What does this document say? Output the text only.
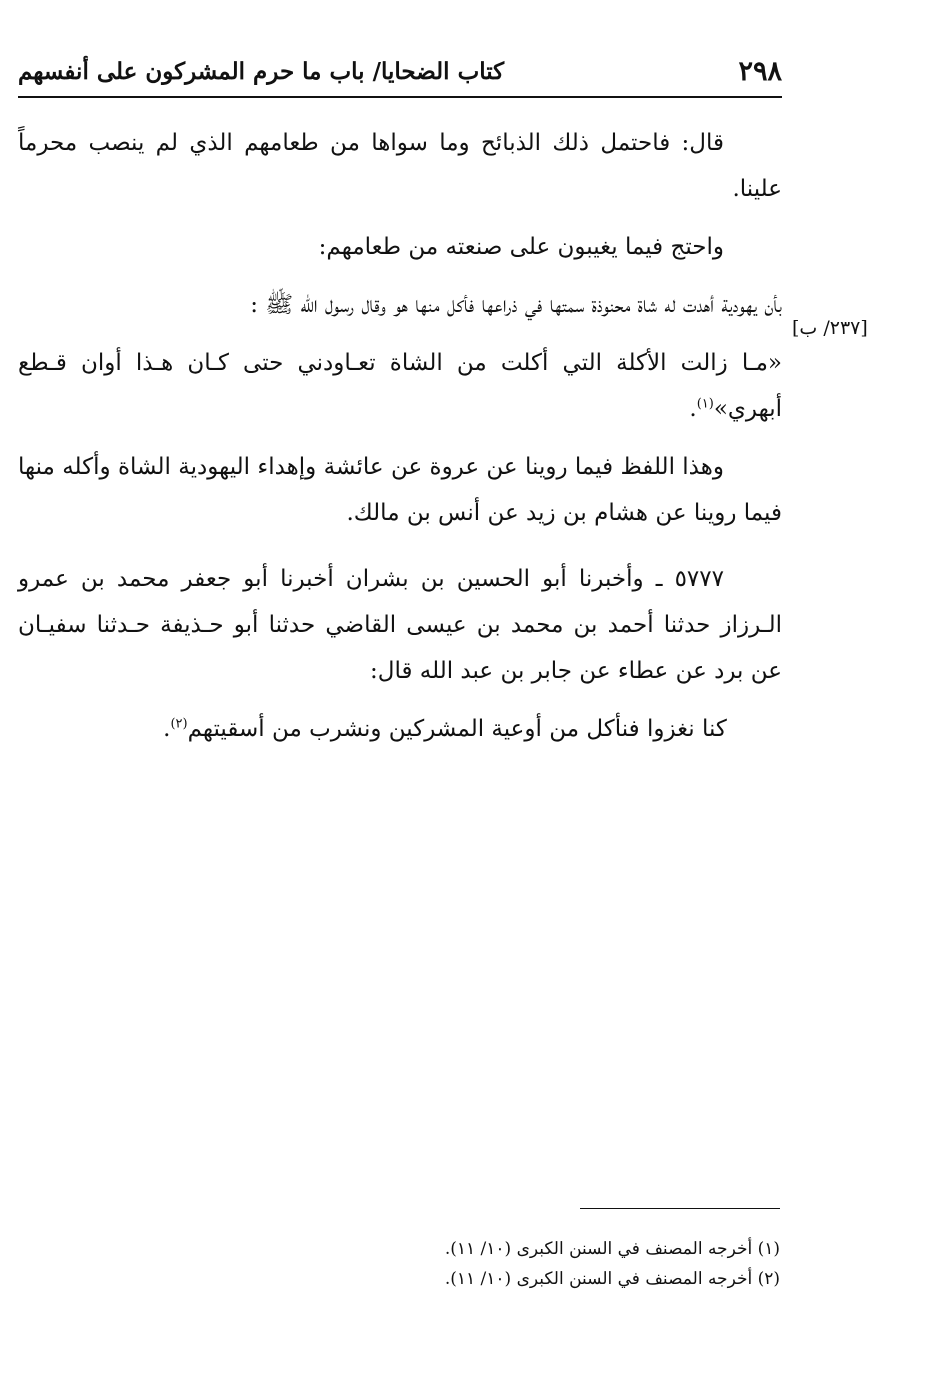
٢٩٨
كتاب الضحايا/ باب ما حرم المشركون على أنفسهم
[٢٣٧/ ب]

قال: فاحتمل ذلك الذبائح وما سواها من طعامهم الذي لم ينصب محرماً علينا.

واحتج فيما يغيبون على صنعته من طعامهم:

بأن يهودية أهدت له شاة محنوذة سمتها في ذراعها فأكل منها هو وقال رسول الله ﷺ :

«مـا زالت الأكلة التي أكلت من الشاة تعـاودني حتى كـان هـذا أوان قـطع أبهري»$^{(١)}$.

وهذا اللفظ فيما روينا عن عروة عن عائشة وإهداء اليهودية الشاة وأكله منها فيما روينا عن هشام بن زيد عن أنس بن مالك.

٥٧٧٧ ـ وأخبرنا أبو الحسين بن بشران أخبرنا أبو جعفر محمد بن عمرو الـرزاز حدثنا أحمد بن محمد بن عيسى القاضي حدثنا أبو حـذيفة حـدثنا سفيـان عن برد عن عطاء عن جابر بن عبد الله قال:

كنا نغزوا فنأكل من أوعية المشركين ونشرب من أسقيتهم$^{(٢)}$.

(١) أخرجه المصنف في السنن الكبرى (١٠/ ١١).

(٢) أخرجه المصنف في السنن الكبرى (١٠/ ١١).
